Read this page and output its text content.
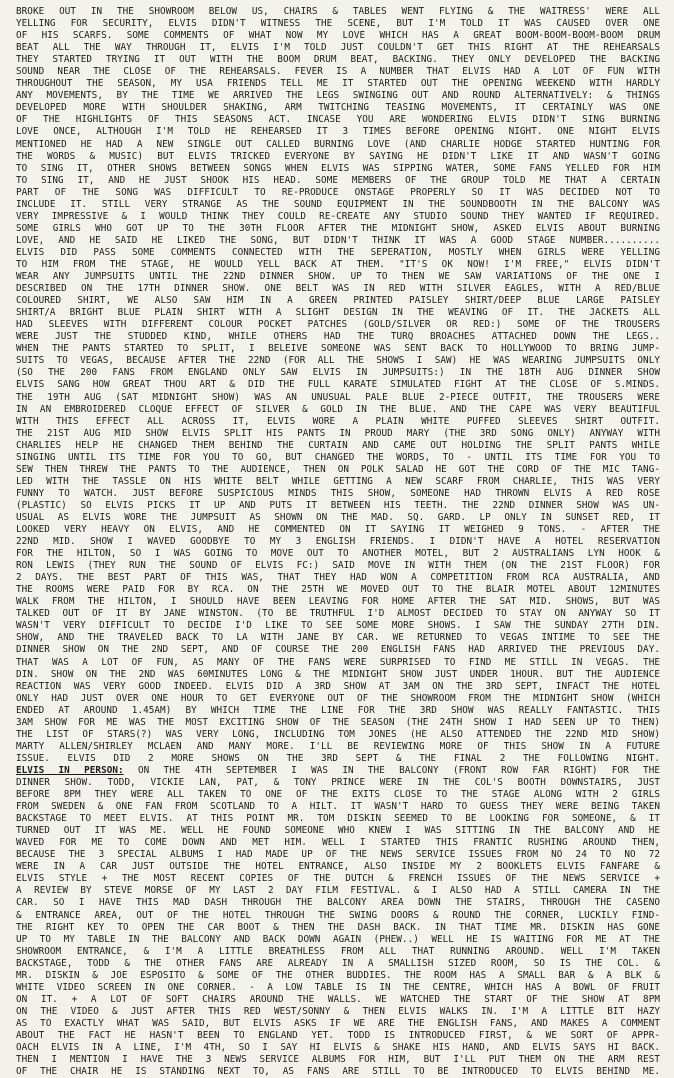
BROKE OUT IN THE SHOWROOM BELOW US, CHAIRS & TABLES WENT FLYING & THE WAITRESS' WERE ALL
YELLING FOR SECURITY, ELVIS DIDN'T WITNESS THE SCENE, BUT I'M TOLD IT WAS CAUSED OVER ONE
OF HIS SCARFS. SOME COMMENTS OF WHAT NOW MY LOVE WHICH HAS A GREAT BOOM-BOOM-BOOM-BOOM DRUM
BEAT ALL THE WAY THROUGH IT, ELVIS I'M TOLD JUST COULDN'T GET THIS RIGHT AT THE REHEARSALS
THEY STARTED TRYING IT OUT WITH THE BOOM DRUM BEAT, BACKING. THEY ONLY DEVELOPED THE BACKING
SOUND NEAR THE CLOSE OF THE REHEARSALS. FEVER IS A NUMBER THAT ELVIS HAD A LOT OF FUN WITH
THROUGHOUT THE SEASON, MY USA FRIENDS TELL ME IT STARTED OUT THE OPENING WEEKEND WITH HARDLY
ANY MOVEMENTS, BY THE TIME WE ARRIVED THE LEGS SWINGING OUT AND ROUND ALTERNATIVELY: & THINGS
DEVELOPED MORE WITH SHOULDER SHAKING, ARM TWITCHING TEASING MOVEMENTS, IT CERTAINLY WAS ONE
OF THE HIGHLIGHTS OF THIS SEASONS ACT. INCASE YOU ARE WONDERING ELVIS DIDN'T SING BURNING
LOVE ONCE, ALTHOUGH I'M TOLD HE REHEARSED IT 3 TIMES BEFORE OPENING NIGHT. ONE NIGHT ELVIS
MENTIONED HE HAD A NEW SINGLE OUT CALLED BURNING LOVE (AND CHARLIE HODGE STARTED HUNTING FOR
THE WORDS & MUSIC) BUT ELVIS TRICKED EVERYONE BY SAYING HE DIDN'T LIKE IT AND WASN'T GOING
TO SING IT, OTHER SHOWS BETWEEN SONGS WHEN ELVIS WAS SIPPING WATER, SOME FANS YELLED FOR HIM
TO SING IT, AND HE JUST SHOOK HIS HEAD. SOME MEMBERS OF THE GROUP TOLD ME THAT A CERTAIN
PART OF THE SONG WAS DIFFICULT TO RE-PRODUCE ONSTAGE PROPERLY SO IT WAS DECIDED NOT TO
INCLUDE IT. STILL VERY STRANGE AS THE SOUND EQUIPMENT IN THE SOUNDBOOTH IN THE BALCONY WAS
VERY IMPRESSIVE & I WOULD THINK THEY COULD RE-CREATE ANY STUDIO SOUND THEY WANTED IF REQUIRED.
SOME GIRLS WHO GOT UP TO THE 30TH FLOOR AFTER THE MIDNIGHT SHOW, ASKED ELVIS ABOUT BURNING
LOVE, AND HE SAID HE LIKED THE SONG, BUT DIDN'T THINK IT WAS A GOOD STAGE NUMBER..........
ELVIS DID PASS SOME COMMENTS CONNECTED WITH THE SEPERATION, MOSTLY WHEN GIRLS WERE YELLING
TO HIM FROM THE STAGE, HE WOULD YELL BACK AT THEM. "IT'S OK NOW! I'M FREE," ELVIS DIDN'T
WEAR ANY JUMPSUITS UNTIL THE 22ND DINNER SHOW. UP TO THEN WE SAW VARIATIONS OF THE ONE I
DESCRIBED ON THE 17TH DINNER SHOW. ONE BELT WAS IN RED WITH SILVER EAGLES, WITH A RED/BLUE
COLOURED SHIRT, WE ALSO SAW HIM IN A GREEN PRINTED PAISLEY SHIRT/DEEP BLUE LARGE PAISLEY
SHIRT/A BRIGHT BLUE PLAIN SHIRT WITH A SLIGHT DESIGN IN THE WEAVING OF IT. THE JACKETS ALL
HAD SLEEVES WITH DIFFERENT COLOUR POCKET PATCHES (GOLD/SILVER OR RED:) SOME OF THE TROUSERS
WERE JUST THE STUDDED KIND, WHILE OTHERS HAD THE TURQ BROACHES ATTACHED DOWN THE LEGS..
WHEN THE PANTS STARTED TO SPLIT, I BELEIVE SOMEONE WAS SENT BACK TO HOLLYWOOD TO BRING JUMP-
SUITS TO VEGAS, BECAUSE AFTER THE 22ND (FOR ALL THE SHOWS I SAW) HE WAS WEARING JUMPSUITS ONLY
(SO THE 200 FANS FROM ENGLAND ONLY SAW ELVIS IN JUMPSUITS:) IN THE 18TH AUG DINNER SHOW
ELVIS SANG HOW GREAT THOU ART & DID THE FULL KARATE SIMULATED FIGHT AT THE CLOSE OF S.MINDS.
THE 19TH AUG (SAT MIDNIGHT SHOW) WAS AN UNUSUAL PALE BLUE 2-PIECE OUTFIT, THE TROUSERS WERE
IN AN EMBROIDERED CLOQUE EFFECT OF SILVER & GOLD IN THE BLUE. AND THE CAPE WAS VERY BEAUTIFUL
WITH THIS EFFECT ALL ACROSS IT, ELVIS WORE A PLAIN WHITE PUFFED SLEEVES SHIRT OUTFIT.
THE 21ST AUG MID SHOW ELVIS SPLIT HIS PANTS IN PROUD MARY (THE 3RD SONG ONLY) ANYWAY WITH
CHARLIES HELP HE CHANGED THEM BEHIND THE CURTAIN AND CAME OUT HOLDING THE SPLIT PANTS WHILE
SINGING UNTIL ITS TIME FOR YOU TO GO, BUT CHANGED THE WORDS, TO - UNTIL ITS TIME FOR YOU TO
SEW THEN THREW THE PANTS TO THE AUDIENCE, THEN ON POLK SALAD HE GOT THE CORD OF THE MIC TANG-
LED WITH THE TASSLE ON HIS WHITE BELT WHILE GETTING A NEW SCARF FROM CHARLIE, THIS WAS VERY
FUNNY TO WATCH. JUST BEFORE SUSPICIOUS MINDS THIS SHOW, SOMEONE HAD THROWN ELVIS A RED ROSE
(PLASTIC) SO ELVIS PICKS IT UP AND PUTS IT BETWEEN HIS TEETH. THE 22ND DINNER SHOW WAS UN-
USUAL AS ELVIS WORE THE JUMPSUIT AS SHOWN ON THE MAD. SQ. GARD. LP ONLY IN SUNSET RED, IT
LOOKED VERY HEAVY ON ELVIS, AND HE COMMENTED ON IT SAYING IT WEIGHED 9 TONS. - AFTER THE
22ND MID. SHOW I WAVED GOODBYE TO MY 3 ENGLISH FRIENDS. I DIDN'T HAVE A HOTEL RESERVATION
FOR THE HILTON, SO I WAS GOING TO MOVE OUT TO ANOTHER MOTEL, BUT 2 AUSTRALIANS LYN HOOK &
RON LEWIS (THEY RUN THE SOUND OF ELVIS FC:) SAID MOVE IN WITH THEM (ON THE 21ST FLOOR) FOR
2 DAYS. THE BEST PART OF THIS WAS, THAT THEY HAD WON A COMPETITION FROM RCA AUSTRALIA, AND
THE ROOMS WERE PAID FOR BY RCA. ON THE 25TH WE MOVED OUT TO THE BLAIR MOTEL ABOUT 12MINUTES
WALK FROM THE HILTON, I SHOULD HAVE BEEN LEAVING FOR HOME AFTER THE SAT MID. SHOWS, BUT WAS
TALKED OUT OF IT BY JANE WINSTON. (TO BE TRUTHFUL I'D ALMOST DECIDED TO STAY ON ANYWAY SO IT
WASN'T VERY DIFFICULT TO DECIDE I'D LIKE TO SEE SOME MORE SHOWS. I SAW THE SUNDAY 27TH DIN.
SHOW, AND THE TRAVELED BACK TO LA WITH JANE BY CAR. WE RETURNED TO VEGAS INTIME TO SEE THE
DINNER SHOW ON THE 2ND SEPT, AND OF COURSE THE 200 ENGLISH FANS HAD ARRIVED THE PREVIOUS DAY.
THAT WAS A LOT OF FUN, AS MANY OF THE FANS WERE SURPRISED TO FIND ME STILL IN VEGAS. THE
DIN. SHOW ON THE 2ND WAS 60MINUTES LONG & THE MIDNIGHT SHOW JUST UNDER 1HOUR. BUT THE AUDIENCE
REACTION WAS VERY GOOD INDEED. ELVIS DID A 3RD SHOW AT 3AM ON THE 3RD SEPT, INFACT THE HOTEL
ONLY HAD JUST OVER ONE HOUR TO GET EVERYONE OUT OF THE SHOWROOM FROM THE MIDNIGHT SHOW (WHICH
ENDED AT AROUND 1.45AM) BY WHICH TIME THE LINE FOR THE 3RD SHOW WAS REALLY FANTASTIC. THIS
3AM SHOW FOR ME WAS THE MOST EXCITING SHOW OF THE SEASON (THE 24TH SHOW I HAD SEEN UP TO THEN)
THE LIST OF STARS(?) WAS VERY LONG, INCLUDING TOM JONES (HE ALSO ATTENDED THE 22ND MID SHOW)
MARTY ALLEN/SHIRLEY MCLAEN AND MANY MORE. I'LL BE REVIEWING MORE OF THIS SHOW IN A FUTURE
ISSUE. ELVIS DID 2 MORE SHOWS ON THE 3RD SEPT & THE FINAL 2 THE FOLLOWING NIGHT.
ELVIS IN PERSON: ON THE 4TH SEPTEMBER I WAS IN THE BALCONY (FRONT ROW FAR RIGHT) FOR THE
DINNER SHOW. TODD, VICKIE LAN, PAT, & TONY PRINCE WERE IN THE COL'S BOOTH DOWNSTAIRS, JUST
BEFORE 8PM THEY WERE ALL TAKEN TO ONE OF THE EXITS CLOSE TO THE STAGE ALONG WITH 2 GIRLS
FROM SWEDEN & ONE FAN FROM SCOTLAND TO A HILT. IT WASN'T HARD TO GUESS THEY WERE BEING TAKEN
BACKSTAGE TO MEET ELVIS. AT THIS POINT MR. TOM DISKIN SEEMED TO BE LOOKING FOR SOMEONE, & IT
TURNED OUT IT WAS ME. WELL HE FOUND SOMEONE WHO KNEW I WAS SITTING IN THE BALCONY AND HE
WAVED FOR ME TO COME DOWN AND MET HIM. WELL I STARTED THIS FRANTIC RUSHING AROUND THEN,
BECAUSE THE 3 SPECIAL ALBUMS I HAD MADE UP OF THE NEWS SERVICE ISSUES FROM NO 24 TO NO 72
WERE IN A CAR JUST OUTSIDE THE HOTEL ENTRANCE, ALSO INSIDE MY 2 BOOKLETS ELVIS FANFARE &
ELVIS STYLE + THE MOST RECENT COPIES OF THE DUTCH & FRENCH ISSUES OF THE NEWS SERVICE +
A REVIEW BY STEVE MORSE OF MY LAST 2 DAY FILM FESTIVAL. & I ALSO HAD A STILL CAMERA IN THE
CAR. SO I HAVE THIS MAD DASH THROUGH THE BALCONY AREA DOWN THE STAIRS, THROUGH THE CASENO
& ENTRANCE AREA, OUT OF THE HOTEL THROUGH THE SWING DOORS & ROUND THE CORNER, LUCKILY FIND-
THE RIGHT KEY TO OPEN THE CAR BOOT & THEN THE DASH BACK. IN THAT TIME MR. DISKIN HAS GONE
UP TO MY TABLE IN THE BALCONY AND BACK DOWN AGAIN (PHEW..) WELL HE IS WAITING FOR ME AT THE
SHOWROOM ENTRANCE, & I'M A LITTLE BREATHLESS FROM ALL THAT RUNNING AROUND. WELL I'M TAKEN
BACKSTAGE, TODD & THE OTHER FANS ARE ALREADY IN A SMALLISH SIZED ROOM, SO IS THE COL. &
MR. DISKIN & JOE ESPOSITO & SOME OF THE OTHER BUDDIES. THE ROOM HAS A SMALL BAR & A BLK &
WHITE VIDEO SCREEN IN ONE CORNER. - A LOW TABLE IS IN THE CENTRE, WHICH HAS A BOWL OF FRUIT
ON IT. + A LOT OF SOFT CHAIRS AROUND THE WALLS. WE WATCHED THE START OF THE SHOW AT 8PM
ON THE VIDEO & JUST AFTER THIS RED WEST/SONNY & THEN ELVIS WALKS IN. I'M A LITTLE BIT HAZY
AS TO EXACTLY WHAT WAS SAID, BUT ELVIS ASKS IF WE ARE THE ENGLISH FANS, AND MAKES A COMMENT
ABOUT THE FACT HE HASN'T BEEN TO ENGLAND YET. TODD IS INTRODUCED FIRST, & WE SORT OF APPR-
OACH ELVIS IN A LINE, I'M 4TH, SO I SAY HI ELVIS & SHAKE HIS HAND, AND ELVIS SAYS HI BACK.
THEN I MENTION I HAVE THE 3 NEWS SERVICE ALBUMS FOR HIM, BUT I'LL PUT THEM ON THE ARM REST
OF THE CHAIR HE IS STANDING NEXT TO, AS FANS ARE STILL TO BE INTRODUCED TO ELVIS BEHIND ME.
